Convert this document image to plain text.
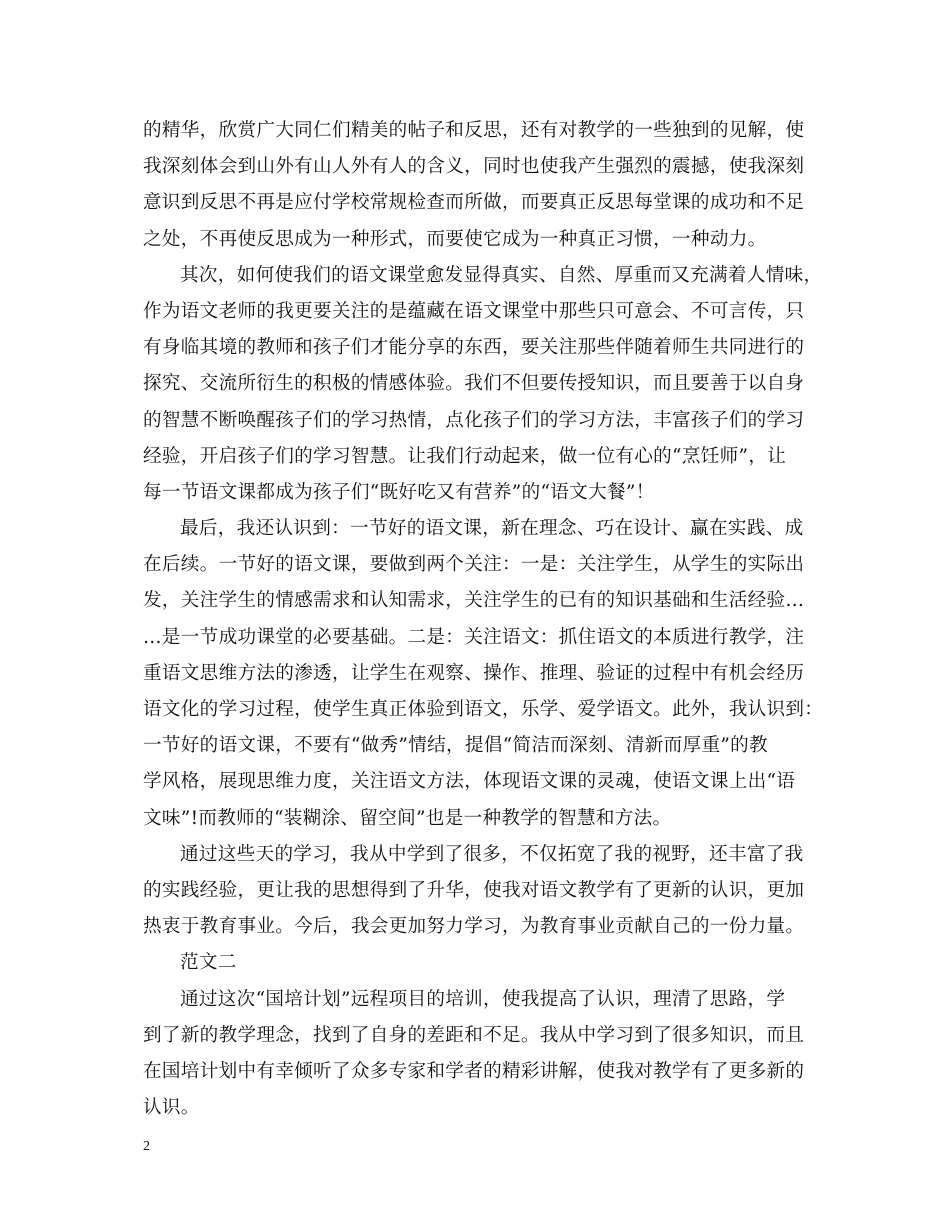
的精华，欣赏广大同仁们精美的帖子和反思，还有对教学的一些独到的见解，使
我深刻体会到山外有山人外有人的含义，同时也使我产生强烈的震撼，使我深刻
意识到反思不再是应付学校常规检查而所做，而要真正反思每堂课的成功和不足
之处，不再使反思成为一种形式，而要使它成为一种真正习惯，一种动力。
其次，如何使我们的语文课堂愈发显得真实、自然、厚重而又充满着人情味，
作为语文老师的我更要关注的是蕴藏在语文课堂中那些只可意会、不可言传，只
有身临其境的教师和孩子们才能分享的东西，要关注那些伴随着师生共同进行的
探究、交流所衍生的积极的情感体验。我们不但要传授知识，而且要善于以自身
的智慧不断唤醒孩子们的学习热情，点化孩子们的学习方法，丰富孩子们的学习
经验，开启孩子们的学习智慧。让我们行动起来，做一位有心的“烹饪师”，让
每一节语文课都成为孩子们“既好吃又有营养”的“语文大餐”！
最后，我还认识到：一节好的语文课，新在理念、巧在设计、赢在实践、成
在后续。一节好的语文课，要做到两个关注：一是：关注学生，从学生的实际出
发，关注学生的情感需求和认知需求，关注学生的已有的知识基础和生活经验…
…是一节成功课堂的必要基础。二是：关注语文：抓住语文的本质进行教学，注
重语文思维方法的渗透，让学生在观察、操作、推理、验证的过程中有机会经历
语文化的学习过程，使学生真正体验到语文，乐学、爱学语文。此外，我认识到：
一节好的语文课，不要有“做秀”情结，提倡“简洁而深刻、清新而厚重”的教
学风格，展现思维力度，关注语文方法，体现语文课的灵魂，使语文课上出“语
文味”!而教师的“装糊涂、留空间”也是一种教学的智慧和方法。
通过这些天的学习，我从中学到了很多，不仅拓宽了我的视野，还丰富了我
的实践经验，更让我的思想得到了升华，使我对语文教学有了更新的认识，更加
热衷于教育事业。今后，我会更加努力学习，为教育事业贡献自己的一份力量。
范文二
通过这次“国培计划”远程项目的培训，使我提高了认识，理清了思路，学
到了新的教学理念，找到了自身的差距和不足。我从中学习到了很多知识，而且
在国培计划中有幸倾听了众多专家和学者的精彩讲解，使我对教学有了更多新的
认识。
2
